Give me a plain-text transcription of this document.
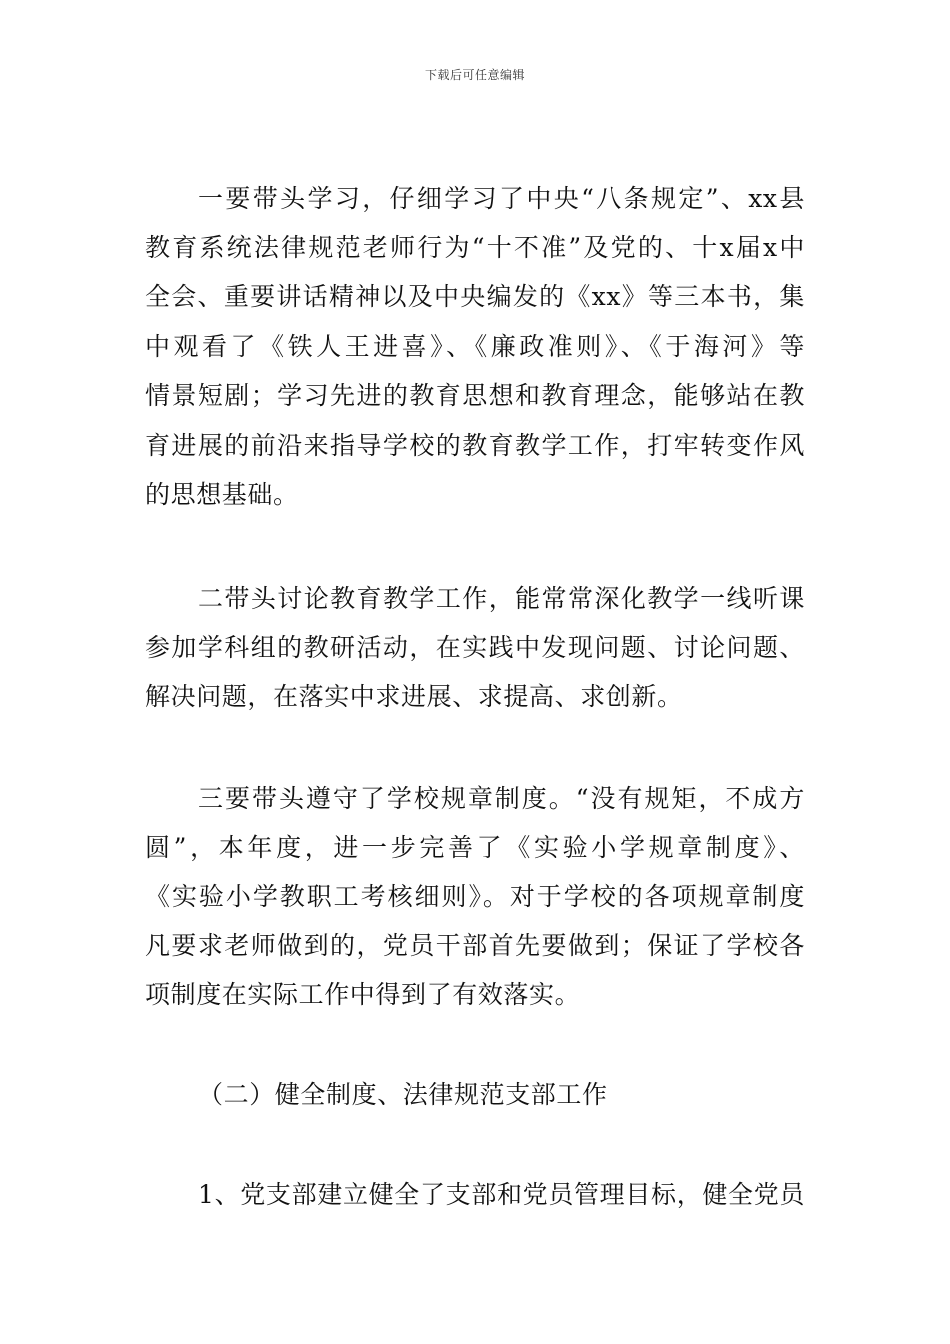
下载后可任意编辑
一要带头学习，仔细学习了中央“八条规定”、xx县
教育系统法律规范老师行为“十不准”及党的、十x届x中
全会、重要讲话精神以及中央编发的《xx》等三本书，集
中观看了《铁人王进喜》、《廉政准则》、《于海河》等
情景短剧；学习先进的教育思想和教育理念，能够站在教
育进展的前沿来指导学校的教育教学工作，打牢转变作风
的思想基础。
二带头讨论教育教学工作，能常常深化教学一线听课
参加学科组的教研活动，在实践中发现问题、讨论问题、
解决问题，在落实中求进展、求提高、求创新。
三要带头遵守了学校规章制度。“没有规矩，不成方
圆”，本年度，进一步完善了《实验小学规章制度》、
《实验小学教职工考核细则》。对于学校的各项规章制度
凡要求老师做到的，党员干部首先要做到；保证了学校各
项制度在实际工作中得到了有效落实。
（二）健全制度、法律规范支部工作
1、党支部建立健全了支部和党员管理目标，健全党员
